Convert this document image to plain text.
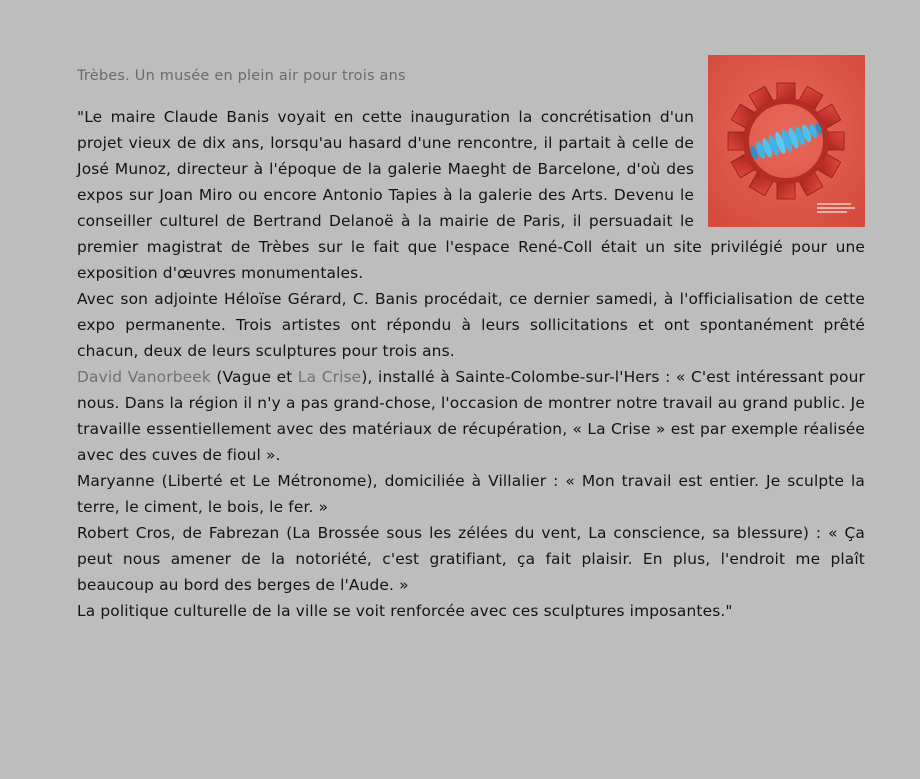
Trèbes. Un musée en plein air pour trois ans

"Le maire Claude Banis voyait en cette inauguration la concrétisation d'un projet vieux de dix ans, lorsqu'au hasard d'une rencontre, il partait à celle de José Munoz, directeur à l'époque de la galerie Maeght de Barcelone, d'où des expos sur Joan Miro ou encore Antonio Tapies à la galerie des Arts. Devenu le conseiller culturel de Bertrand Delanoë à la mairie de Paris, il persuadait le premier magistrat de Trèbes sur le fait que l'espace René-Coll était un site privilégié pour une exposition d'œuvres monumentales.

Avec son adjointe Héloïse Gérard, C. Banis procédait, ce dernier samedi, à l'officialisation de cette expo permanente. Trois artistes ont répondu à leurs sollicitations et ont spontanément prêté chacun, deux de leurs sculptures pour trois ans.

David Vanorbeek (Vague et La Crise), installé à Sainte-Colombe-sur-l'Hers : « C'est intéressant pour nous. Dans la région il n'y a pas grand-chose, l'occasion de montrer notre travail au grand public. Je travaille essentiellement avec des matériaux de récupération, « La Crise » est par exemple réalisée avec des cuves de fioul ».

Maryanne (Liberté et Le Métronome), domiciliée à Villalier : « Mon travail est entier. Je sculpte la terre, le ciment, le bois, le fer. »

Robert Cros, de Fabrezan (La Brossée sous les zélées du vent, La conscience, sa blessure) : « Ça peut nous amener de la notoriété, c'est gratifiant, ça fait plaisir. En plus, l'endroit me plaît beaucoup au bord des berges de l'Aude. »

La politique culturelle de la ville se voit renforcée avec ces sculptures imposantes."
